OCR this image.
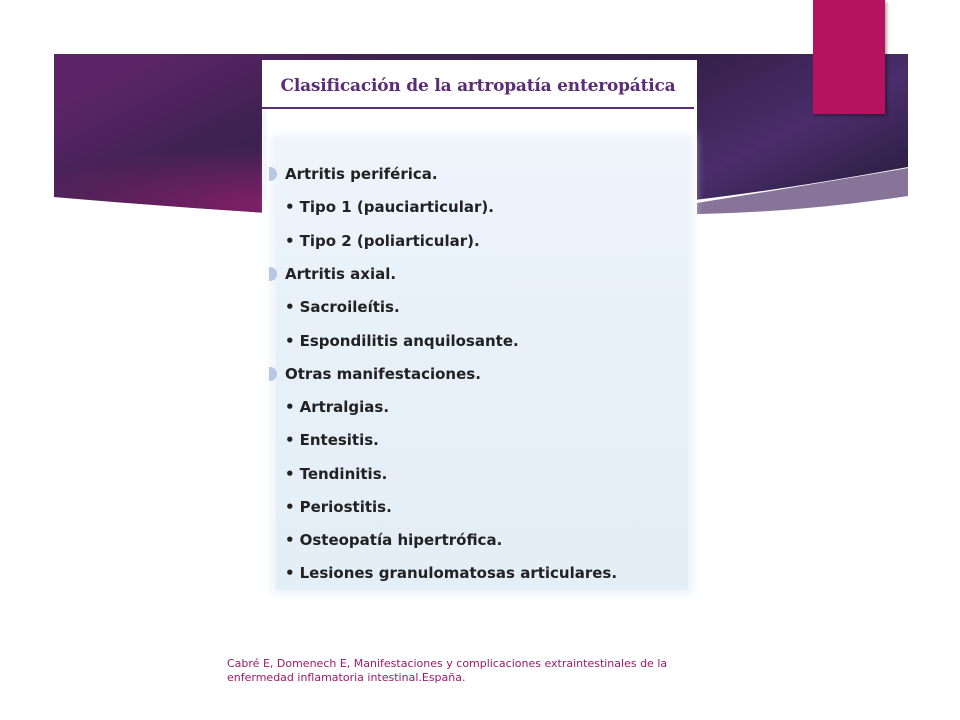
Clasificación de la artropatía enteropática
Artritis periférica.
• Tipo 1 (pauciarticular).
• Tipo 2 (poliarticular).
Artritis axial.
• Sacroileítis.
• Espondilitis anquilosante.
Otras manifestaciones.
• Artralgias.
• Entesitis.
• Tendinitis.
• Periostitis.
• Osteopatía hipertrófica.
• Lesiones granulomatosas articulares.

Cabré E, Domenech E, Manifestaciones y complicaciones extraintestinales de la
enfermedad inflamatoria intestinal.España.
